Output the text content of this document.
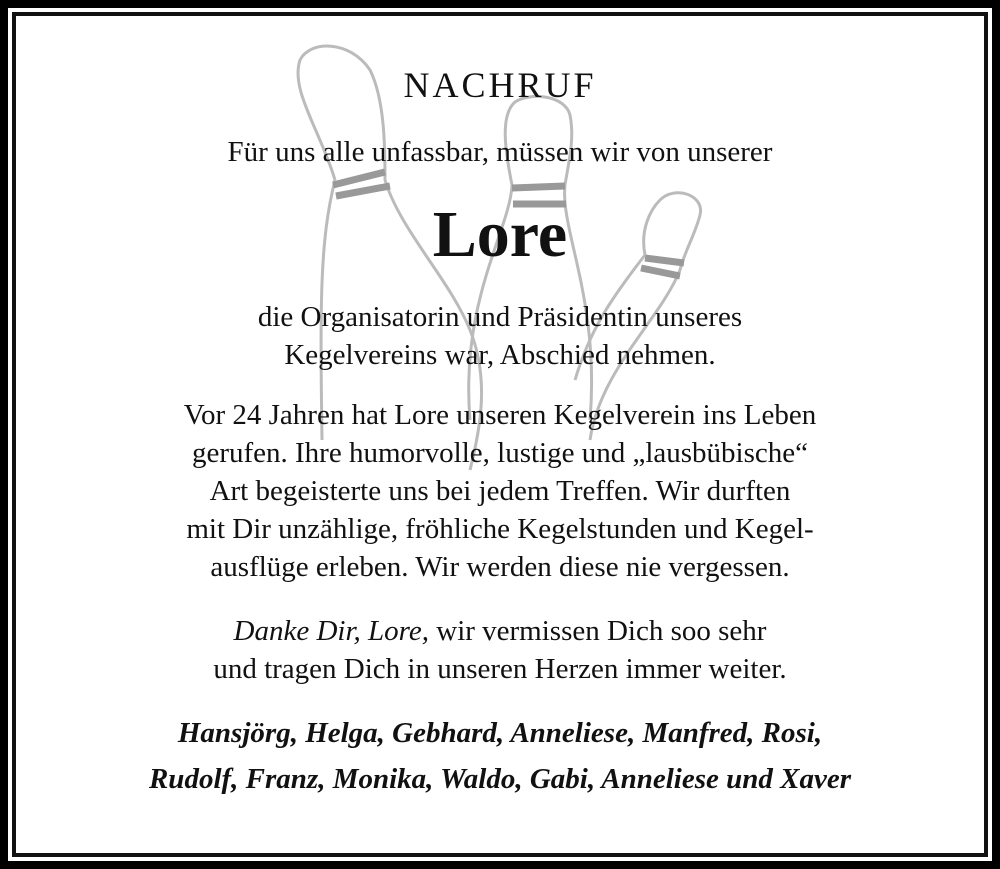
NACHRUF
Für uns alle unfassbar, müssen wir von unserer
Lore
die Organisatorin und Präsidentin unseres
Kegelvereins war, Abschied nehmen.
Vor 24 Jahren hat Lore unseren Kegelverein ins Leben
gerufen. Ihre humorvolle, lustige und „lausbübische“
Art begeisterte uns bei jedem Treffen. Wir durften
mit Dir unzählige, fröhliche Kegelstunden und Kegel-
ausflüge erleben. Wir werden diese nie vergessen.
Danke Dir, Lore, wir vermissen Dich soo sehr
und tragen Dich in unseren Herzen immer weiter.
Hansjörg, Helga, Gebhard, Anneliese, Manfred, Rosi,
Rudolf, Franz, Monika, Waldo, Gabi, Anneliese und Xaver
